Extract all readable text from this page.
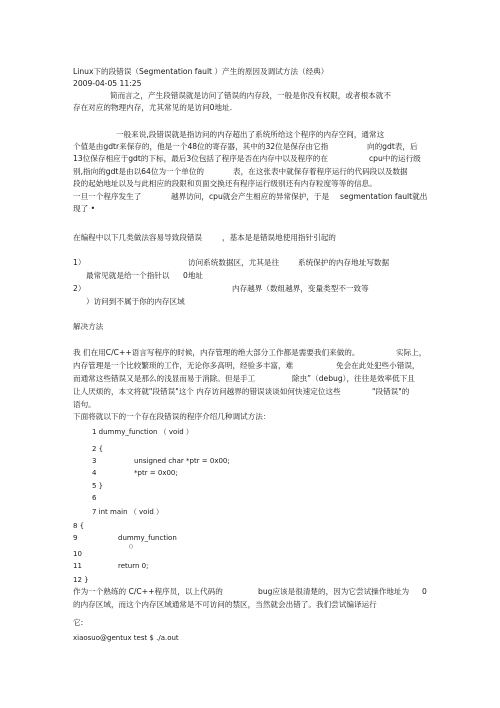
Linux下的段错误（Segmentation fault ）产生的原因及调试方法（经典）
2009-04-05 11:25
简而言之，产生段错误就是访问了错误的内存段，一般是你没有权限，或者根本就不
存在对应的物理内存，尤其常见的是访问0地址.
一般来说,段错误就是指访问的内存超出了系统所给这个程序的内存空间，通常这
个值是由gdtr来保存的，他是一个48位的寄存器，其中的32位是保存由它指	向的gdt表，后
13位保存相应于gdt的下标，最后3位包括了程序是否在内存中以及程序的在	cpu中的运行级
别,指向的gdt是由以64位为一个单位的	表，在这张表中就保存着程序运行的代码段以及数据
段的起始地址以及与此相应的段限和页面交换还有程序运行级别还有内存粒度等等的信息。
一旦一个程序发生了	越界访问，cpu就会产生相应的异常保护，于是 segmentation fault就出
现了 •
在编程中以下几类做法容易导致段错误	，基本是是错误地使用指针引起的
1）	访问系统数据区，尤其是往 系统保护的内存地址写数据
最常见就是给一个指针以 0地址
2）	内存越界（数组越界，变量类型不一致等
）访问到不属于你的内存区域
解决方法
我 们在用C/C++语言写程序的时候，内存管理的绝大部分工作都是需要我们来做的。	实际上，
内存管理是一个比较繁琐的工作，无论你多高明，经验多丰富，难	免会在此处犯些小错误，
而通常这些错误又是那么的浅显而易于消除。但是手工	除虫”（debug），往往是效率低下且
让人厌烦的，本文将就"段错误"这个 内存访问越界的错误谈谈如何快速定位这些	"段错误"的
语句。
下面将就以下的一个存在段错误的程序介绍几种调试方法：
1 dummy_function （ void ）
2 {
3	unsigned char *ptr = 0x00;
4	*ptr = 0x00;
5 }
6
7 int main （ void ）
8 {
9	dummy_function
()
10
11	return 0;
12 }
作为一个熟练的 C/C++程序员，以上代码的	bug应该是很清楚的，因为它尝试操作地址为 0
的内存区域，而这个内存区域通常是不可访问的禁区，当然就会出错了。我们尝试编译运行
它:
xiaosuo@gentux test $ ./a.out
